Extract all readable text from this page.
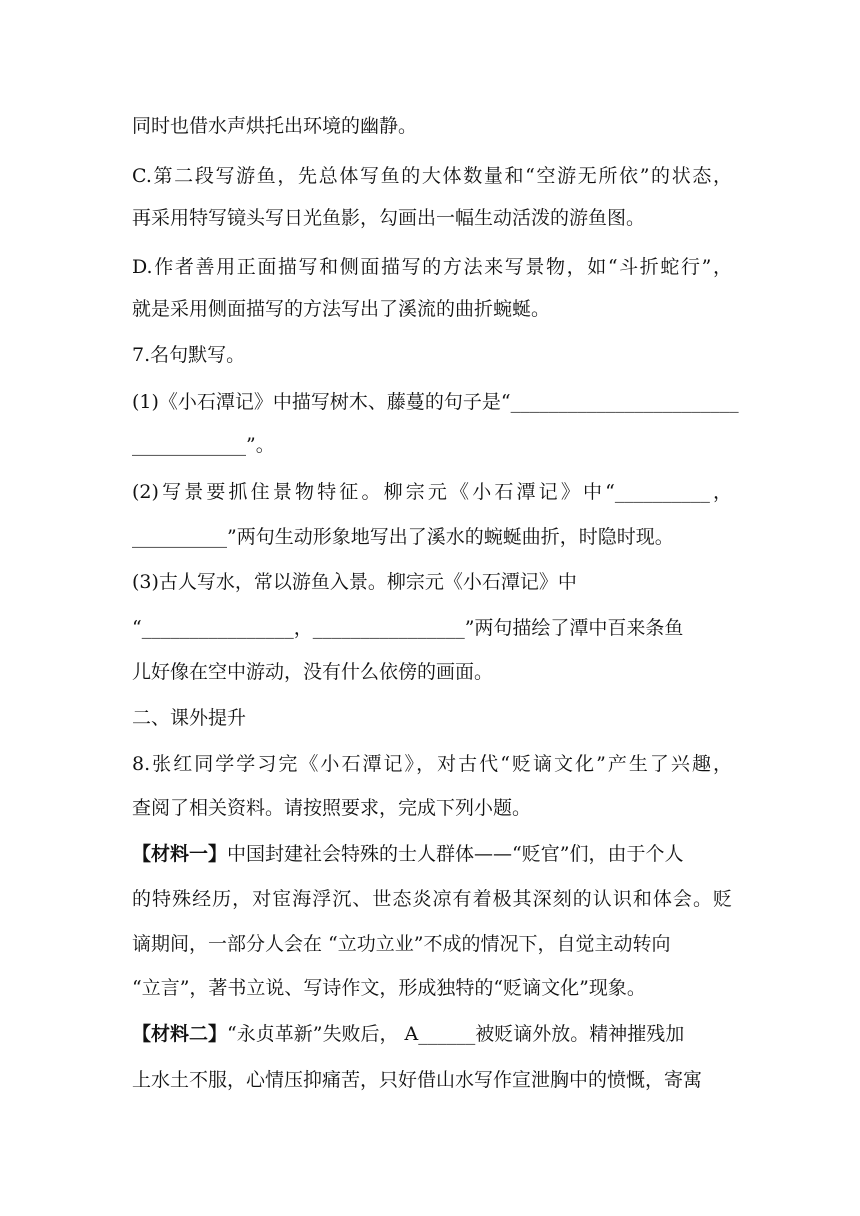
同时也借水声烘托出环境的幽静。
C.第二段写游鱼，先总体写鱼的大体数量和“空游无所依”的状态，
再采用特写镜头写日光鱼影，勾画出一幅生动活泼的游鱼图。
D.作者善用正面描写和侧面描写的方法来写景物，如“斗折蛇行”，
就是采用侧面描写的方法写出了溪流的曲折蜿蜒。
7.名句默写。
(1)《小石潭记》中描写树木、藤蔓的句子是“________________________
____________”。
(2)写景要抓住景物特征。柳宗元《小石潭记》中“__________，
__________”两句生动形象地写出了溪水的蜿蜒曲折，时隐时现。
(3)古人写水，常以游鱼入景。柳宗元《小石潭记》中
“________________，________________”两句描绘了潭中百来条鱼
儿好像在空中游动，没有什么依傍的画面。
二、课外提升
8.张红同学学习完《小石潭记》，对古代“贬谪文化”产生了兴趣，
查阅了相关资料。请按照要求，完成下列小题。
【材料一】中国封建社会特殊的士人群体——“贬官”们，由于个人
的特殊经历，对宦海浮沉、世态炎凉有着极其深刻的认识和体会。贬
谪期间，一部分人会在 “立功立业”不成的情况下，自觉主动转向
“立言”，著书立说、写诗作文，形成独特的“贬谪文化”现象。
【材料二】“永贞革新”失败后， A______被贬谪外放。精神摧残加
上水土不服，心情压抑痛苦，只好借山水写作宣泄胸中的愤慨，寄寓
